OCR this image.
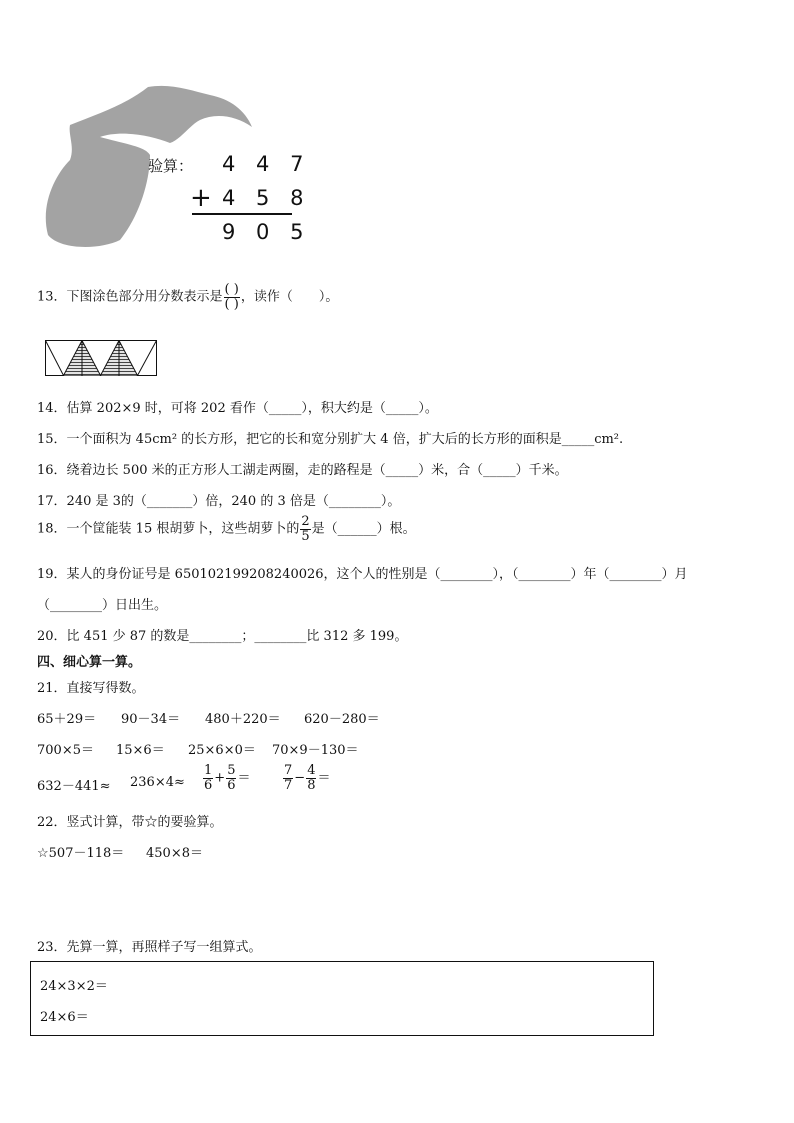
验算： 4 4 7
+ 4 5 8
9 0 5
13．下图涂色部分用分数表示是 $\frac{( )}{( )}$ ，读作（　　）。
14．估算 202×9 时，可将 202 看作（_____），积大约是（_____）。
15．一个面积为 45cm² 的长方形，把它的长和宽分别扩大 4 倍，扩大后的长方形的面积是_____cm².
16．绕着边长 500 米的正方形人工湖走两圈，走的路程是（_____）米，合（_____）千米。
17．240 是 3的（_______）倍，240 的 3 倍是（________）。
18．一个筐能装 15 根胡萝卜，这些胡萝卜的 $\frac{2}{5}$ 是（______）根。
19．某人的身份证号是 650102199208240026，这个人的性别是（________），（________）年（________）月
（________）日出生。
20．比 451 少 87 的数是________；________比 312 多 199。
四、细心算一算。
21．直接写得数。
65＋29＝ 90－34＝ 480＋220＝ 620－280＝
700×5＝ 15×6＝ 25×6×0＝ 70×9－130＝
$632-441\approx 236\times 4\approx \frac{1}{6} + \frac{5}{6}$ ＝	$\frac{7}{7} - \frac{4}{8}$ ＝
22．竖式计算，带☆的要验算。
☆507－118＝ 450×8＝
23．先算一算，再照样子写一组算式。
24×3×2＝
24×6＝
